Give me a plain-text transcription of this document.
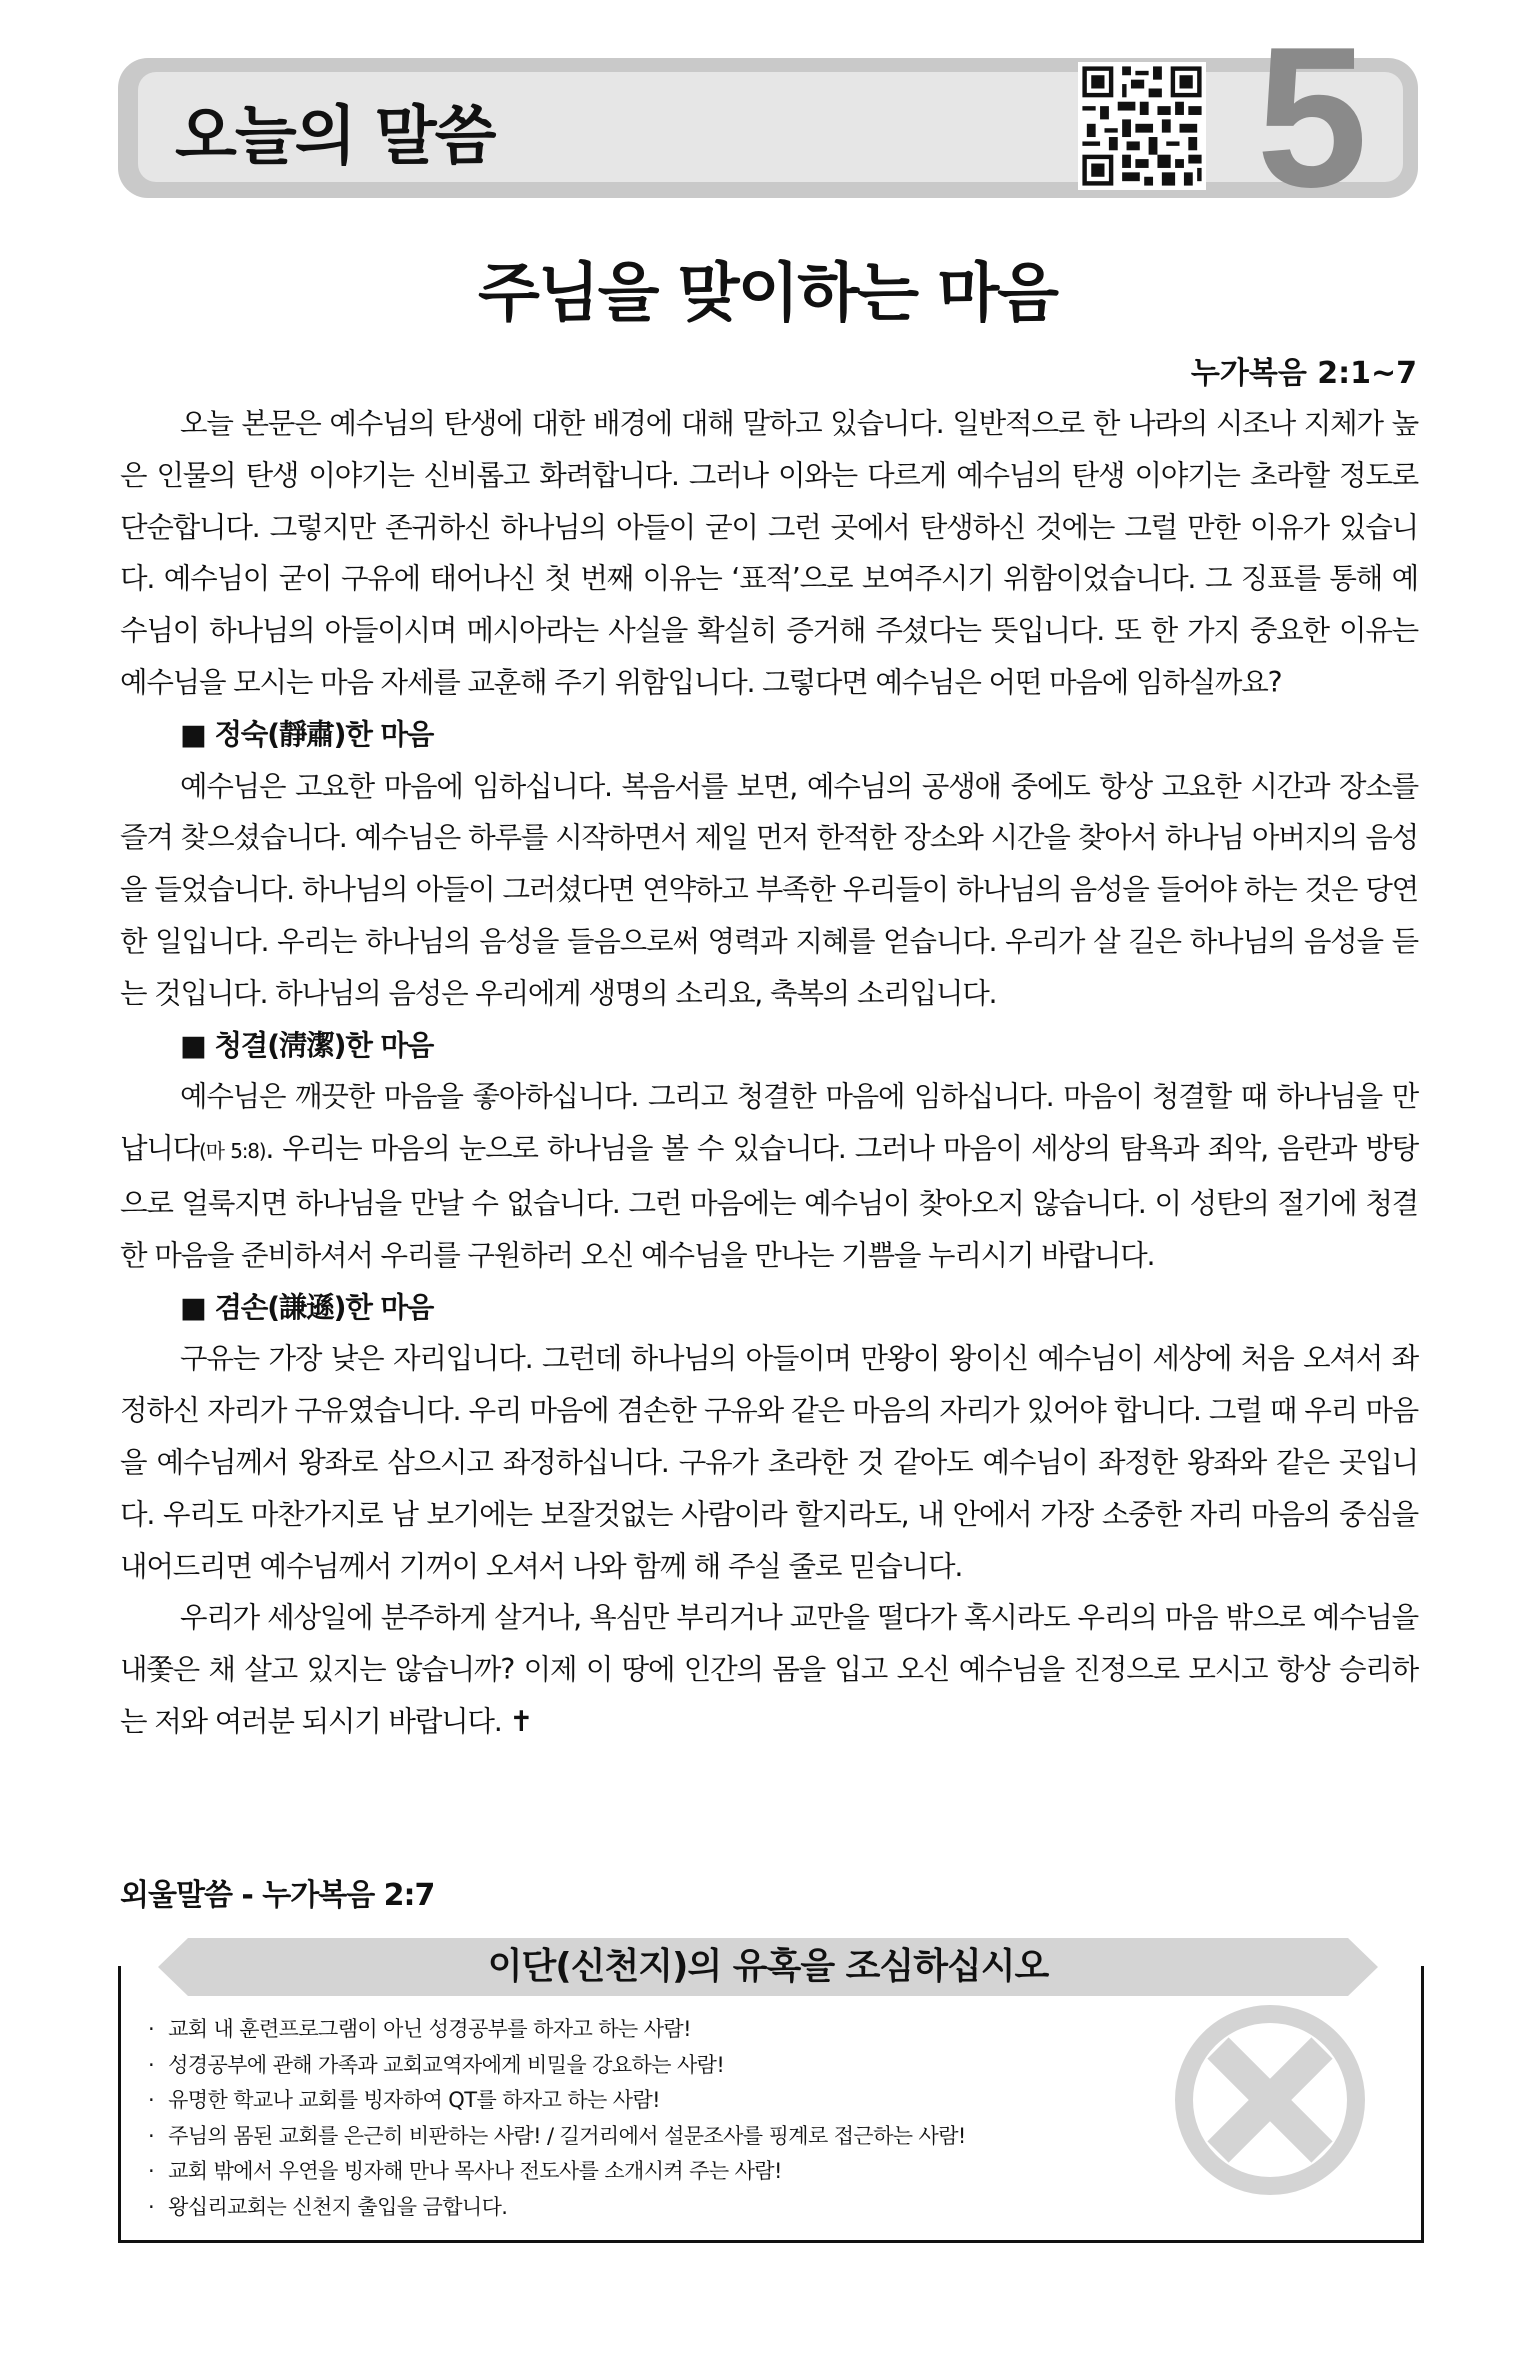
오늘의 말씀	5
주님을 맞이하는 마음
누가복음 2:1~7

오늘 본문은 예수님의 탄생에 대한 배경에 대해 말하고 있습니다. 일반적으로 한 나라의 시조나 지체가 높은 인물의 탄생 이야기는 신비롭고 화려합니다. 그러나 이와는 다르게 예수님의 탄생 이야기는 초라할 정도로 단순합니다. 그렇지만 존귀하신 하나님의 아들이 굳이 그런 곳에서 탄생하신 것에는 그럴 만한 이유가 있습니다. 예수님이 굳이 구유에 태어나신 첫 번째 이유는 ‘표적’으로 보여주시기 위함이었습니다. 그 징표를 통해 예수님이 하나님의 아들이시며 메시아라는 사실을 확실히 증거해 주셨다는 뜻입니다. 또 한 가지 중요한 이유는 예수님을 모시는 마음 자세를 교훈해 주기 위함입니다. 그렇다면 예수님은 어떤 마음에 임하실까요?

■ 정숙(靜肅)한 마음

예수님은 고요한 마음에 임하십니다. 복음서를 보면, 예수님의 공생애 중에도 항상 고요한 시간과 장소를 즐겨 찾으셨습니다. 예수님은 하루를 시작하면서 제일 먼저 한적한 장소와 시간을 찾아서 하나님 아버지의 음성을 들었습니다. 하나님의 아들이 그러셨다면 연약하고 부족한 우리들이 하나님의 음성을 들어야 하는 것은 당연한 일입니다. 우리는 하나님의 음성을 들음으로써 영력과 지혜를 얻습니다. 우리가 살 길은 하나님의 음성을 듣는 것입니다. 하나님의 음성은 우리에게 생명의 소리요, 축복의 소리입니다.

■ 청결(淸潔)한 마음

예수님은 깨끗한 마음을 좋아하십니다. 그리고 청결한 마음에 임하십니다. 마음이 청결할 때 하나님을 만납니다(마 5:8). 우리는 마음의 눈으로 하나님을 볼 수 있습니다. 그러나 마음이 세상의 탐욕과 죄악, 음란과 방탕으로 얼룩지면 하나님을 만날 수 없습니다. 그런 마음에는 예수님이 찾아오지 않습니다. 이 성탄의 절기에 청결한 마음을 준비하셔서 우리를 구원하러 오신 예수님을 만나는 기쁨을 누리시기 바랍니다.

■ 겸손(謙遜)한 마음

구유는 가장 낮은 자리입니다. 그런데 하나님의 아들이며 만왕이 왕이신 예수님이 세상에 처음 오셔서 좌정하신 자리가 구유였습니다. 우리 마음에 겸손한 구유와 같은 마음의 자리가 있어야 합니다. 그럴 때 우리 마음을 예수님께서 왕좌로 삼으시고 좌정하십니다. 구유가 초라한 것 같아도 예수님이 좌정한 왕좌와 같은 곳입니다. 우리도 마찬가지로 남 보기에는 보잘것없는 사람이라 할지라도, 내 안에서 가장 소중한 자리 마음의 중심을 내어드리면 예수님께서 기꺼이 오셔서 나와 함께 해 주실 줄로 믿습니다.

우리가 세상일에 분주하게 살거나, 욕심만 부리거나 교만을 떨다가 혹시라도 우리의 마음 밖으로 예수님을 내쫓은 채 살고 있지는 않습니까? 이제 이 땅에 인간의 몸을 입고 오신 예수님을 진정으로 모시고 항상 승리하는 저와 여러분 되시기 바랍니다. ✝

외울말씀 - 누가복음 2:7
이단(신천지)의 유혹을 조심하십시오
· 교회 내 훈련프로그램이 아닌 성경공부를 하자고 하는 사람!
· 성경공부에 관해 가족과 교회교역자에게 비밀을 강요하는 사람!
· 유명한 학교나 교회를 빙자하여 QT를 하자고 하는 사람!
· 주님의 몸된 교회를 은근히 비판하는 사람! / 길거리에서 설문조사를 핑계로 접근하는 사람!
· 교회 밖에서 우연을 빙자해 만나 목사나 전도사를 소개시켜 주는 사람!
· 왕십리교회는 신천지 출입을 금합니다.
